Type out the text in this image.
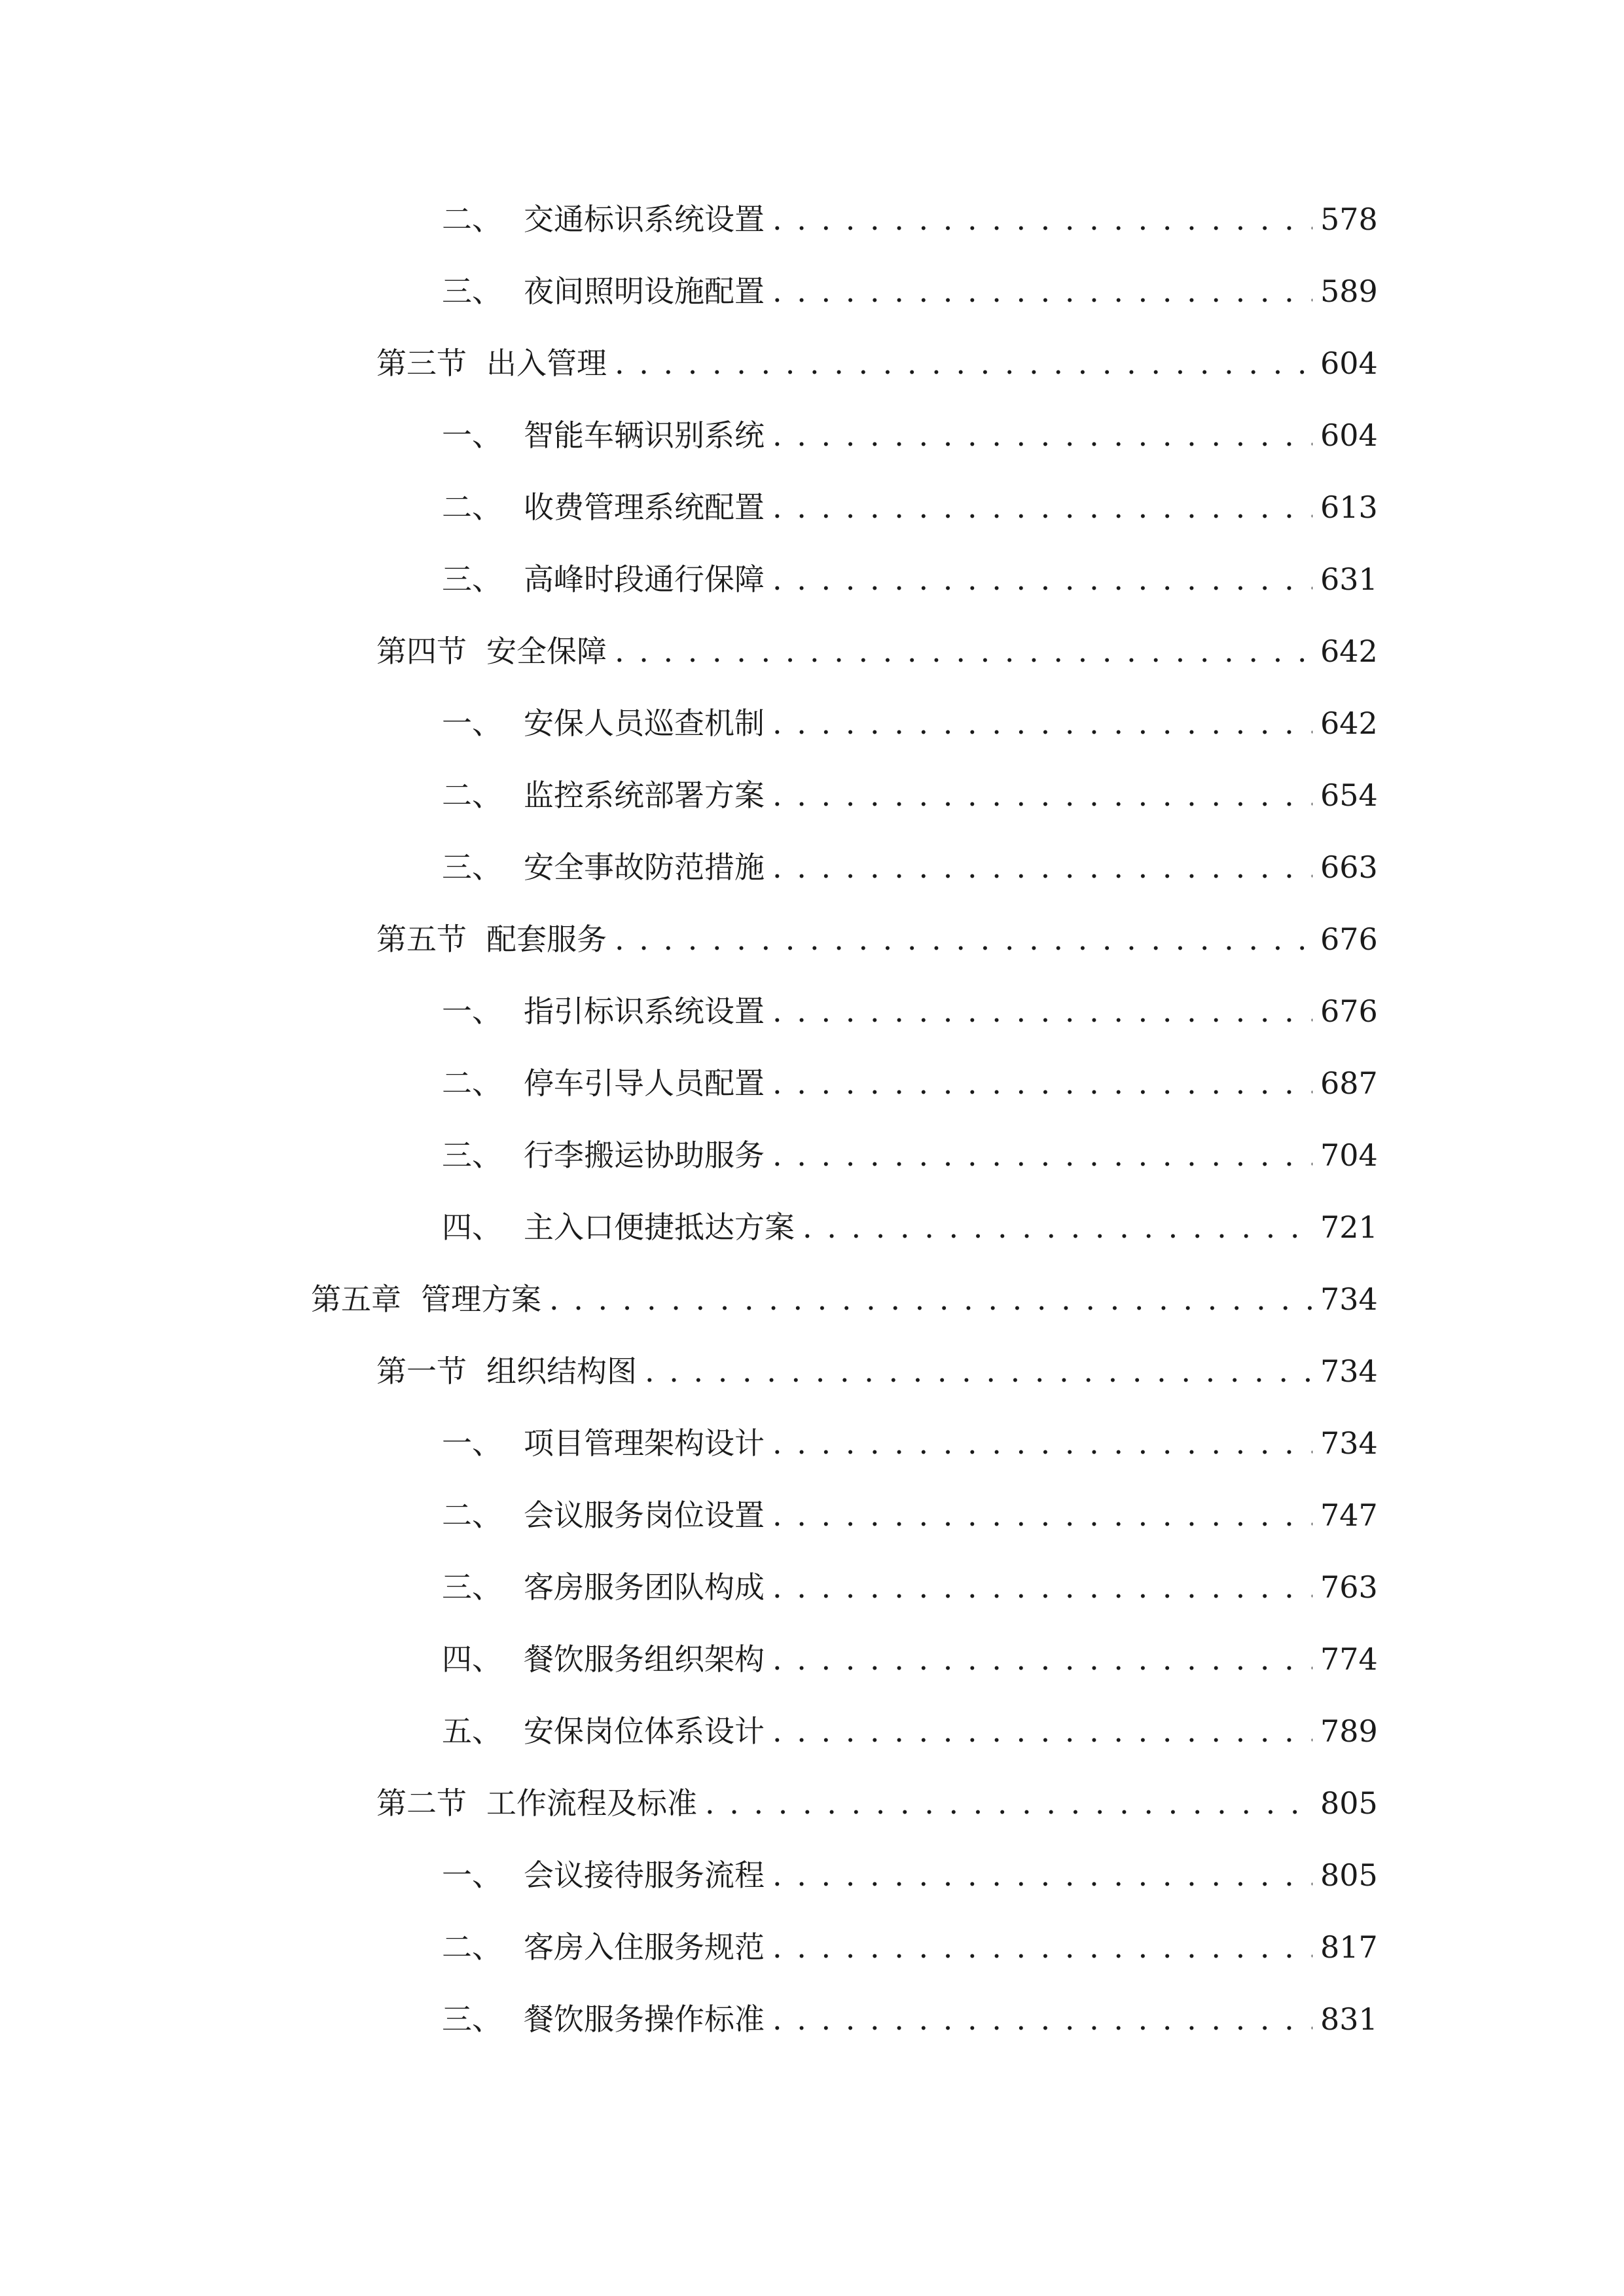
二、 交通标识系统设置 . . .	578
三、 夜间照明设施配置 . . .	589
第三节 出入管理 . . .	604
一、 智能车辆识别系统 . . .	604
二、 收费管理系统配置 . . .	613
三、 高峰时段通行保障 . . .	631
第四节 安全保障 . . .	642
一、 安保人员巡查机制 . . .	642
二、 监控系统部署方案 . . .	654
三、 安全事故防范措施 . . .	663
第五节 配套服务 . . .	676
一、 指引标识系统设置 . . .	676
二、 停车引导人员配置 . . .	687
三、 行李搬运协助服务 . . .	704
四、 主入口便捷抵达方案 . . .	721
第五章 管理方案 . . .	734
第一节 组织结构图 . . .	734
一、 项目管理架构设计 . . .	734
二、 会议服务岗位设置 . . .	747
三、 客房服务团队构成 . . .	763
四、 餐饮服务组织架构 . . .	774
五、 安保岗位体系设计 . . .	789
第二节 工作流程及标准 . . .	805
一、 会议接待服务流程 . . .	805
二、 客房入住服务规范 . . .	817
三、 餐饮服务操作标准 . . .	831
